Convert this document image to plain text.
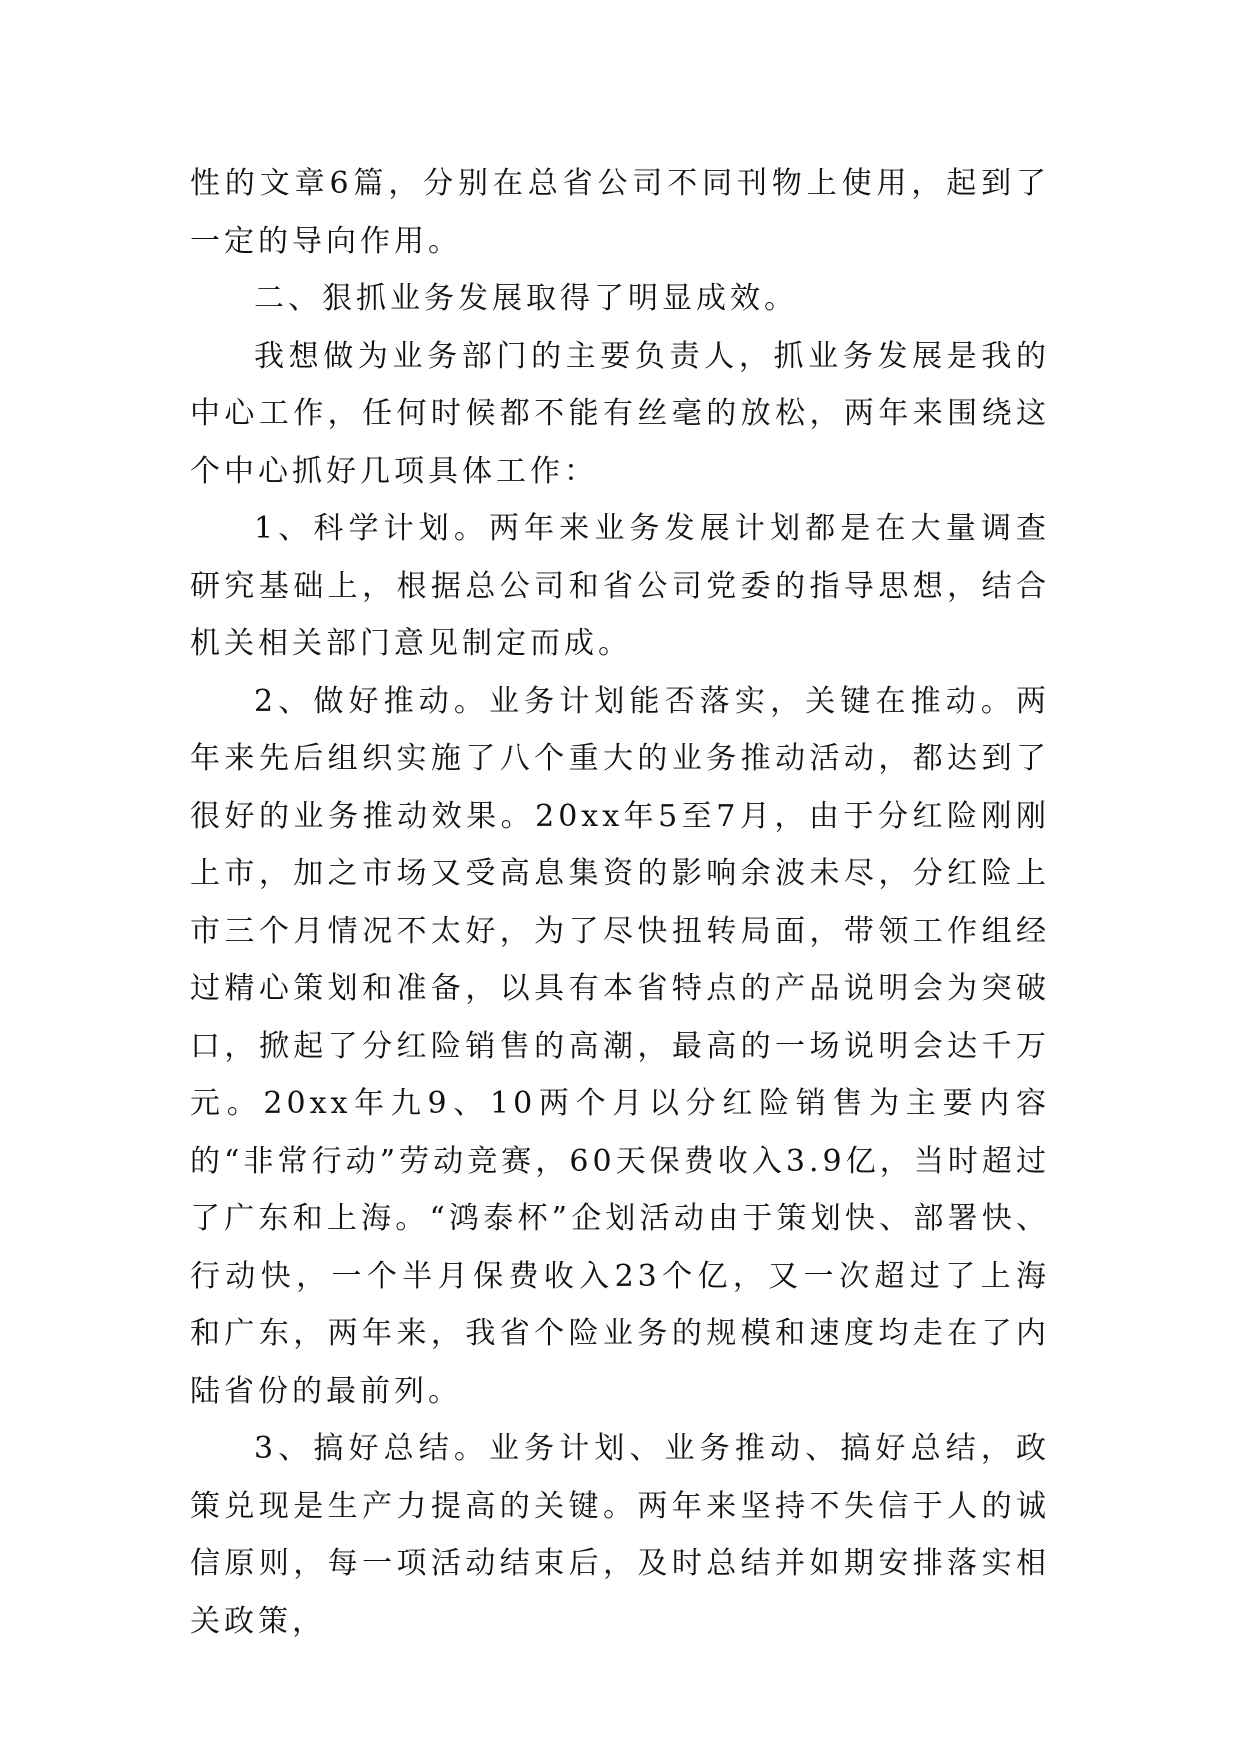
性的文章6篇，分别在总省公司不同刊物上使用，起到了一定的导向作用。

二、狠抓业务发展取得了明显成效。

我想做为业务部门的主要负责人，抓业务发展是我的中心工作，任何时候都不能有丝毫的放松，两年来围绕这个中心抓好几项具体工作：

1、科学计划。两年来业务发展计划都是在大量调查研究基础上，根据总公司和省公司党委的指导思想，结合机关相关部门意见制定而成。

2、做好推动。业务计划能否落实，关键在推动。两年来先后组织实施了八个重大的业务推动活动，都达到了很好的业务推动效果。20xx年5至7月，由于分红险刚刚上市，加之市场又受高息集资的影响余波未尽，分红险上市三个月情况不太好，为了尽快扭转局面，带领工作组经过精心策划和准备，以具有本省特点的产品说明会为突破口，掀起了分红险销售的高潮，最高的一场说明会达千万元。20xx年九9、10两个月以分红险销售为主要内容的“非常行动”劳动竞赛，60天保费收入3.9亿，当时超过了广东和上海。“鸿泰杯”企划活动由于策划快、部署快、行动快，一个半月保费收入23个亿，又一次超过了上海和广东，两年来，我省个险业务的规模和速度均走在了内陆省份的最前列。

3、搞好总结。业务计划、业务推动、搞好总结，政策兑现是生产力提高的关键。两年来坚持不失信于人的诚信原则，每一项活动结束后，及时总结并如期安排落实相关政策，
